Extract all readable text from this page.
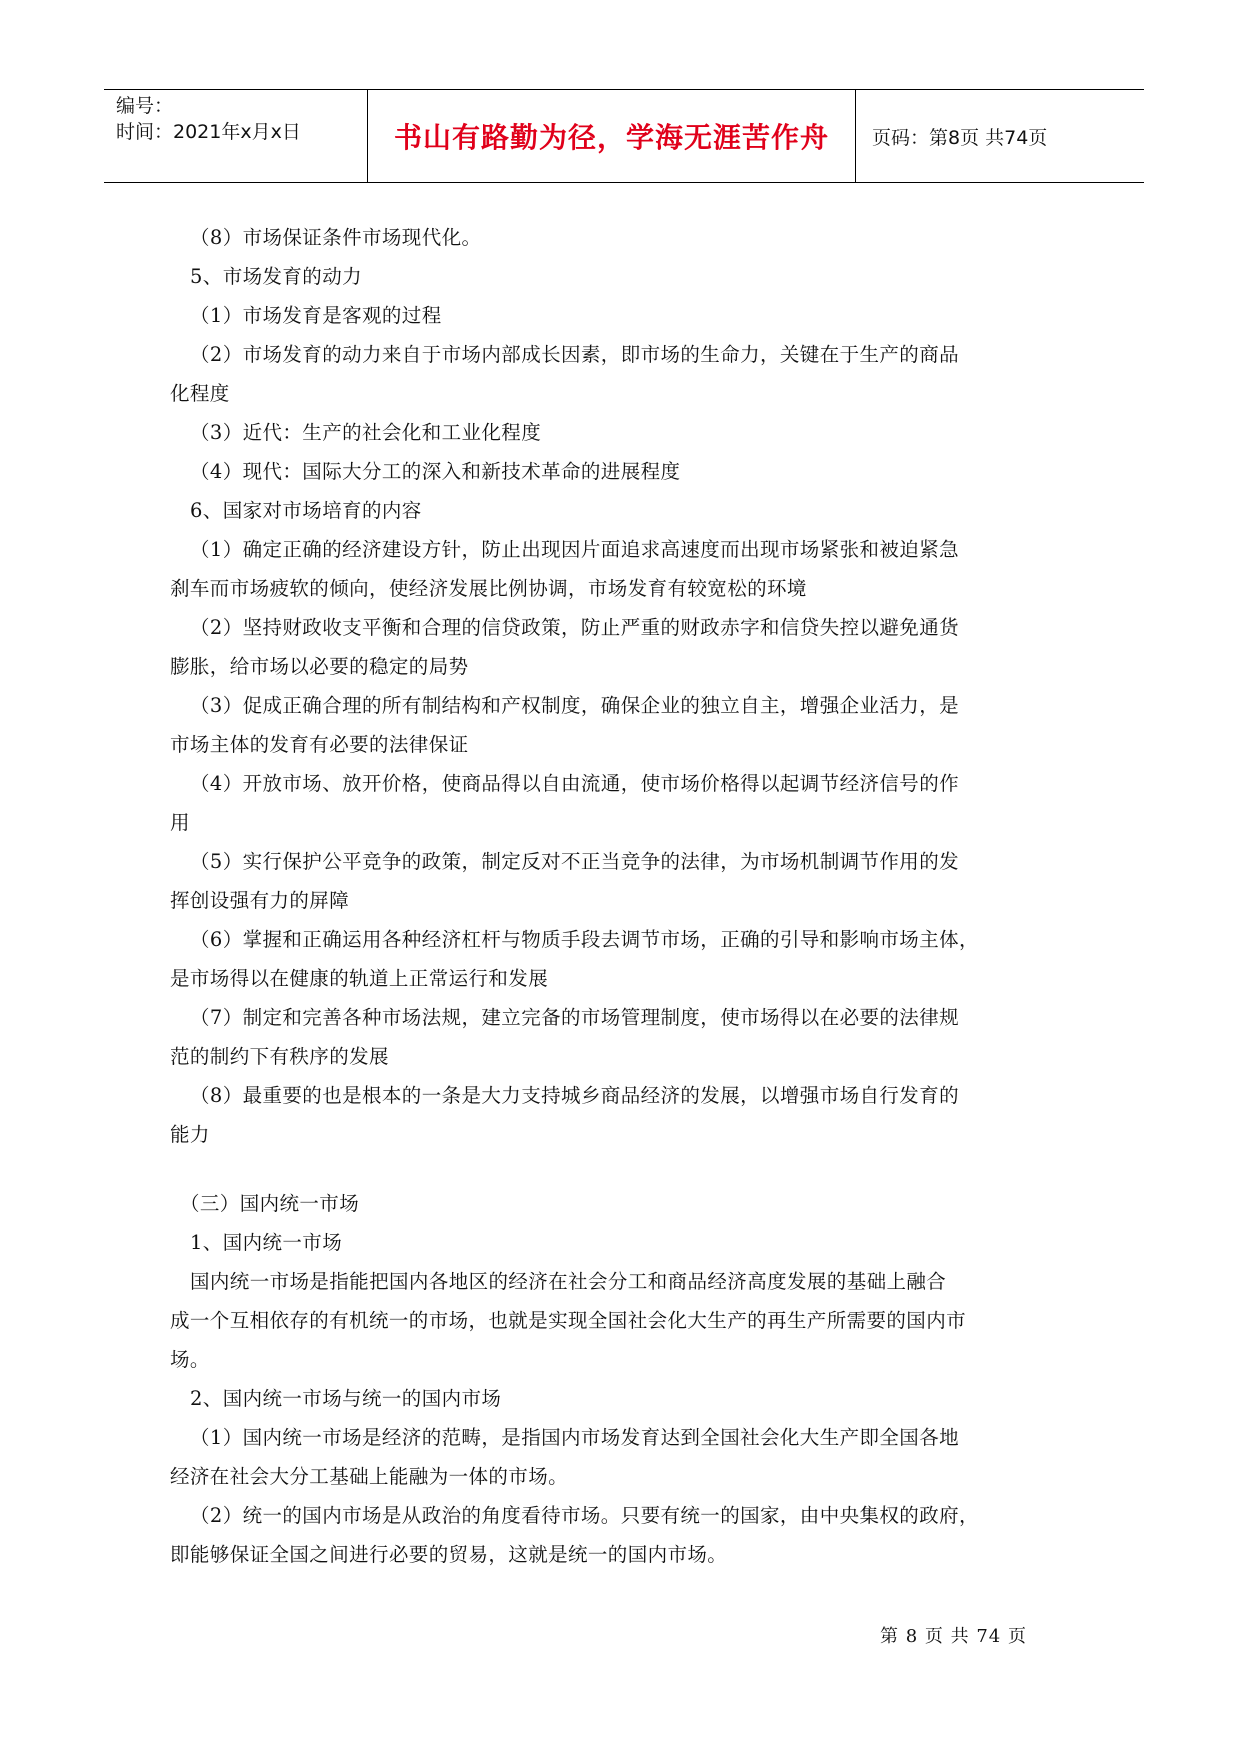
编号：
时间：2021年x月x日	书山有路勤为径，学海无涯苦作舟	页码：第8页 共74页

（8）市场保证条件市场现代化。

5、市场发育的动力

（1）市场发育是客观的过程

（2）市场发育的动力来自于市场内部成长因素，即市场的生命力，关键在于生产的商品

化程度

（3）近代：生产的社会化和工业化程度

（4）现代：国际大分工的深入和新技术革命的进展程度

6、国家对市场培育的内容

（1）确定正确的经济建设方针，防止出现因片面追求高速度而出现市场紧张和被迫紧急

刹车而市场疲软的倾向，使经济发展比例协调，市场发育有较宽松的环境

（2）坚持财政收支平衡和合理的信贷政策，防止严重的财政赤字和信贷失控以避免通货

膨胀，给市场以必要的稳定的局势

（3）促成正确合理的所有制结构和产权制度，确保企业的独立自主，增强企业活力，是

市场主体的发育有必要的法律保证

（4）开放市场、放开价格，使商品得以自由流通，使市场价格得以起调节经济信号的作

用

（5）实行保护公平竞争的政策，制定反对不正当竞争的法律，为市场机制调节作用的发

挥创设强有力的屏障

（6）掌握和正确运用各种经济杠杆与物质手段去调节市场，正确的引导和影响市场主体，

是市场得以在健康的轨道上正常运行和发展

（7）制定和完善各种市场法规，建立完备的市场管理制度，使市场得以在必要的法律规

范的制约下有秩序的发展

（8）最重要的也是根本的一条是大力支持城乡商品经济的发展，以增强市场自行发育的

能力

（三）国内统一市场

1、国内统一市场

国内统一市场是指能把国内各地区的经济在社会分工和商品经济高度发展的基础上融合

成一个互相依存的有机统一的市场，也就是实现全国社会化大生产的再生产所需要的国内市

场。

2、国内统一市场与统一的国内市场

（1）国内统一市场是经济的范畴，是指国内市场发育达到全国社会化大生产即全国各地

经济在社会大分工基础上能融为一体的市场。

（2）统一的国内市场是从政治的角度看待市场。只要有统一的国家，由中央集权的政府，

即能够保证全国之间进行必要的贸易，这就是统一的国内市场。

第 8 页 共 74 页
